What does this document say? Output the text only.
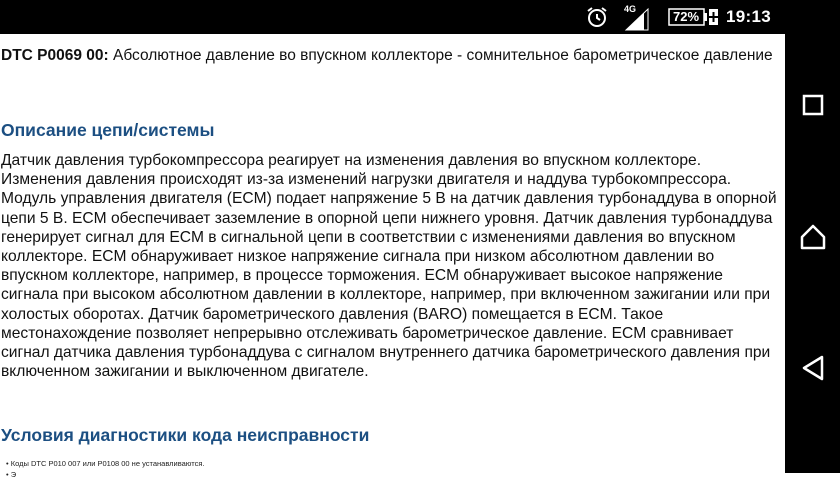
4G	72% 19:13
DTC P0069 00: Абсолютное давление во впускном коллекторе - сомнительное барометрическое давление
Описание цепи/системы
Датчик давления турбокомпрессора реагирует на изменения давления во впускном коллекторе. Изменения давления происходят из-за изменений нагрузки двигателя и наддува турбокомпрессора. Модуль управления двигателя (ECM) подает напряжение 5 В на датчик давления турбонаддува в опорной цепи 5 В. ECM обеспечивает заземление в опорной цепи нижнего уровня. Датчик давления турбонаддува генерирует сигнал для ECM в сигнальной цепи в соответствии с изменениями давления во впускном коллекторе. ECM обнаруживает низкое напряжение сигнала при низком абсолютном давлении во впускном коллекторе, например, в процессе торможения. ECM обнаруживает высокое напряжение сигнала при высоком абсолютном давлении в коллекторе, например, при включенном зажигании или при холостых оборотах. Датчик барометрического давления (BARO) помещается в ECM. Такое местонахождение позволяет непрерывно отслеживать барометрическое давление. ECM сравнивает сигнал датчика давления турбонаддува с сигналом внутреннего датчика барометрического давления при включенном зажигании и выключенном двигателе.
Условия диагностики кода неисправности
• Коды DTC P010 007 или P0108 00 не устанавливаются.
• Э
